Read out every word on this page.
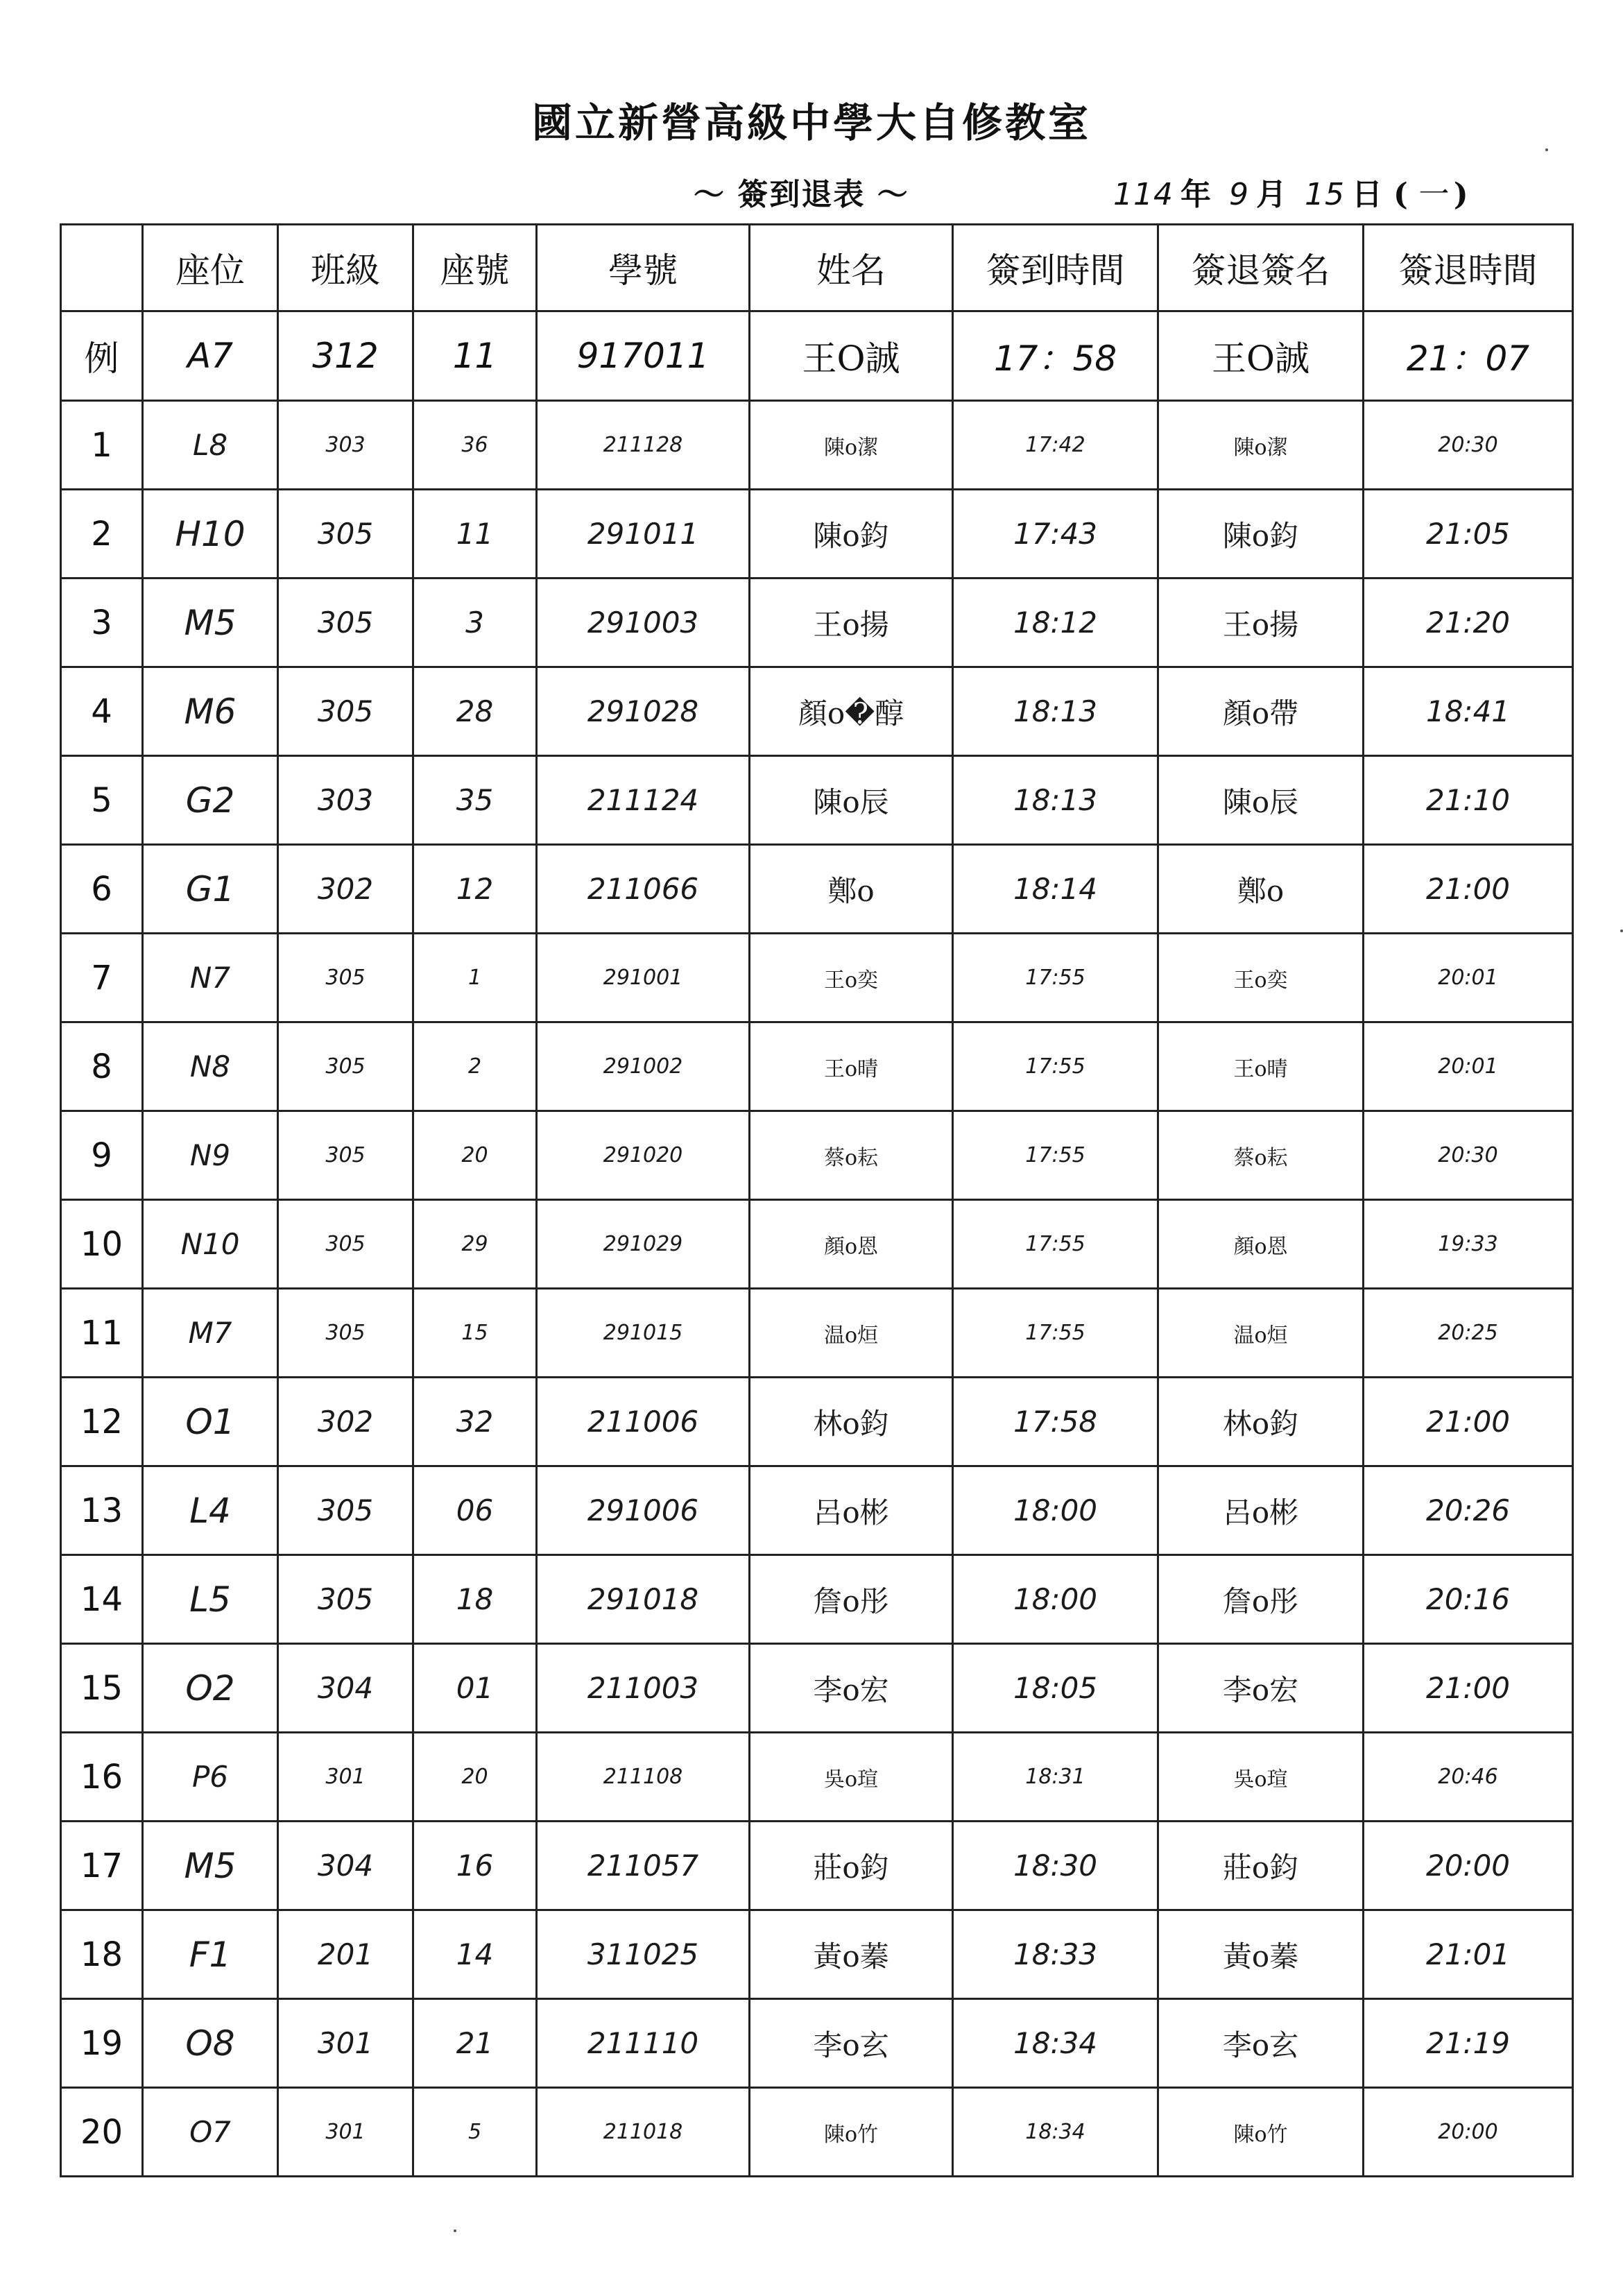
國立新營高級中學大自修教室
～ 簽到退表 ～	114 年 9 月 15 日 ( 一 )
	座位	班級	座號	學號	姓名	簽到時間	簽退簽名	簽退時間
例	A7	312	11	917011	王O誠	17：58	王O誠	21：07
1	L8	303	36	211128	陳o潔	17:42	陳o潔	20:30
2	H10	305	11	291011	陳o鈞	17:43	陳o鈞	21:05
3	M5	305	3	291003	王o揚	18:12	王o揚	21:20
4	M6	305	28	291028	顏o�醇	18:13	顏o帶	18:41
5	G2	303	35	211124	陳o辰	18:13	陳o辰	21:10
6	G1	302	12	211066	鄭o	18:14	鄭o	21:00
7	N7	305	1	291001	王o奕	17:55	王o奕	20:01
8	N8	305	2	291002	王o晴	17:55	王o晴	20:01
9	N9	305	20	291020	蔡o耘	17:55	蔡o耘	20:30
10	N10	305	29	291029	顏o恩	17:55	顏o恩	19:33
11	M7	305	15	291015	温o烜	17:55	温o烜	20:25
12	O1	302	32	211006	林o鈞	17:58	林o鈞	21:00
13	L4	305	06	291006	呂o彬	18:00	呂o彬	20:26
14	L5	305	18	291018	詹o彤	18:00	詹o彤	20:16
15	O2	304	01	211003	李o宏	18:05	李o宏	21:00
16	P6	301	20	211108	吳o瑄	18:31	吳o瑄	20:46
17	M5	304	16	211057	莊o鈞	18:30	莊o鈞	20:00
18	F1	201	14	311025	黃o蓁	18:33	黃o蓁	21:01
19	O8	301	21	211110	李o玄	18:34	李o玄	21:19
20	O7	301	5	211018	陳o竹	18:34	陳o竹	20:00
